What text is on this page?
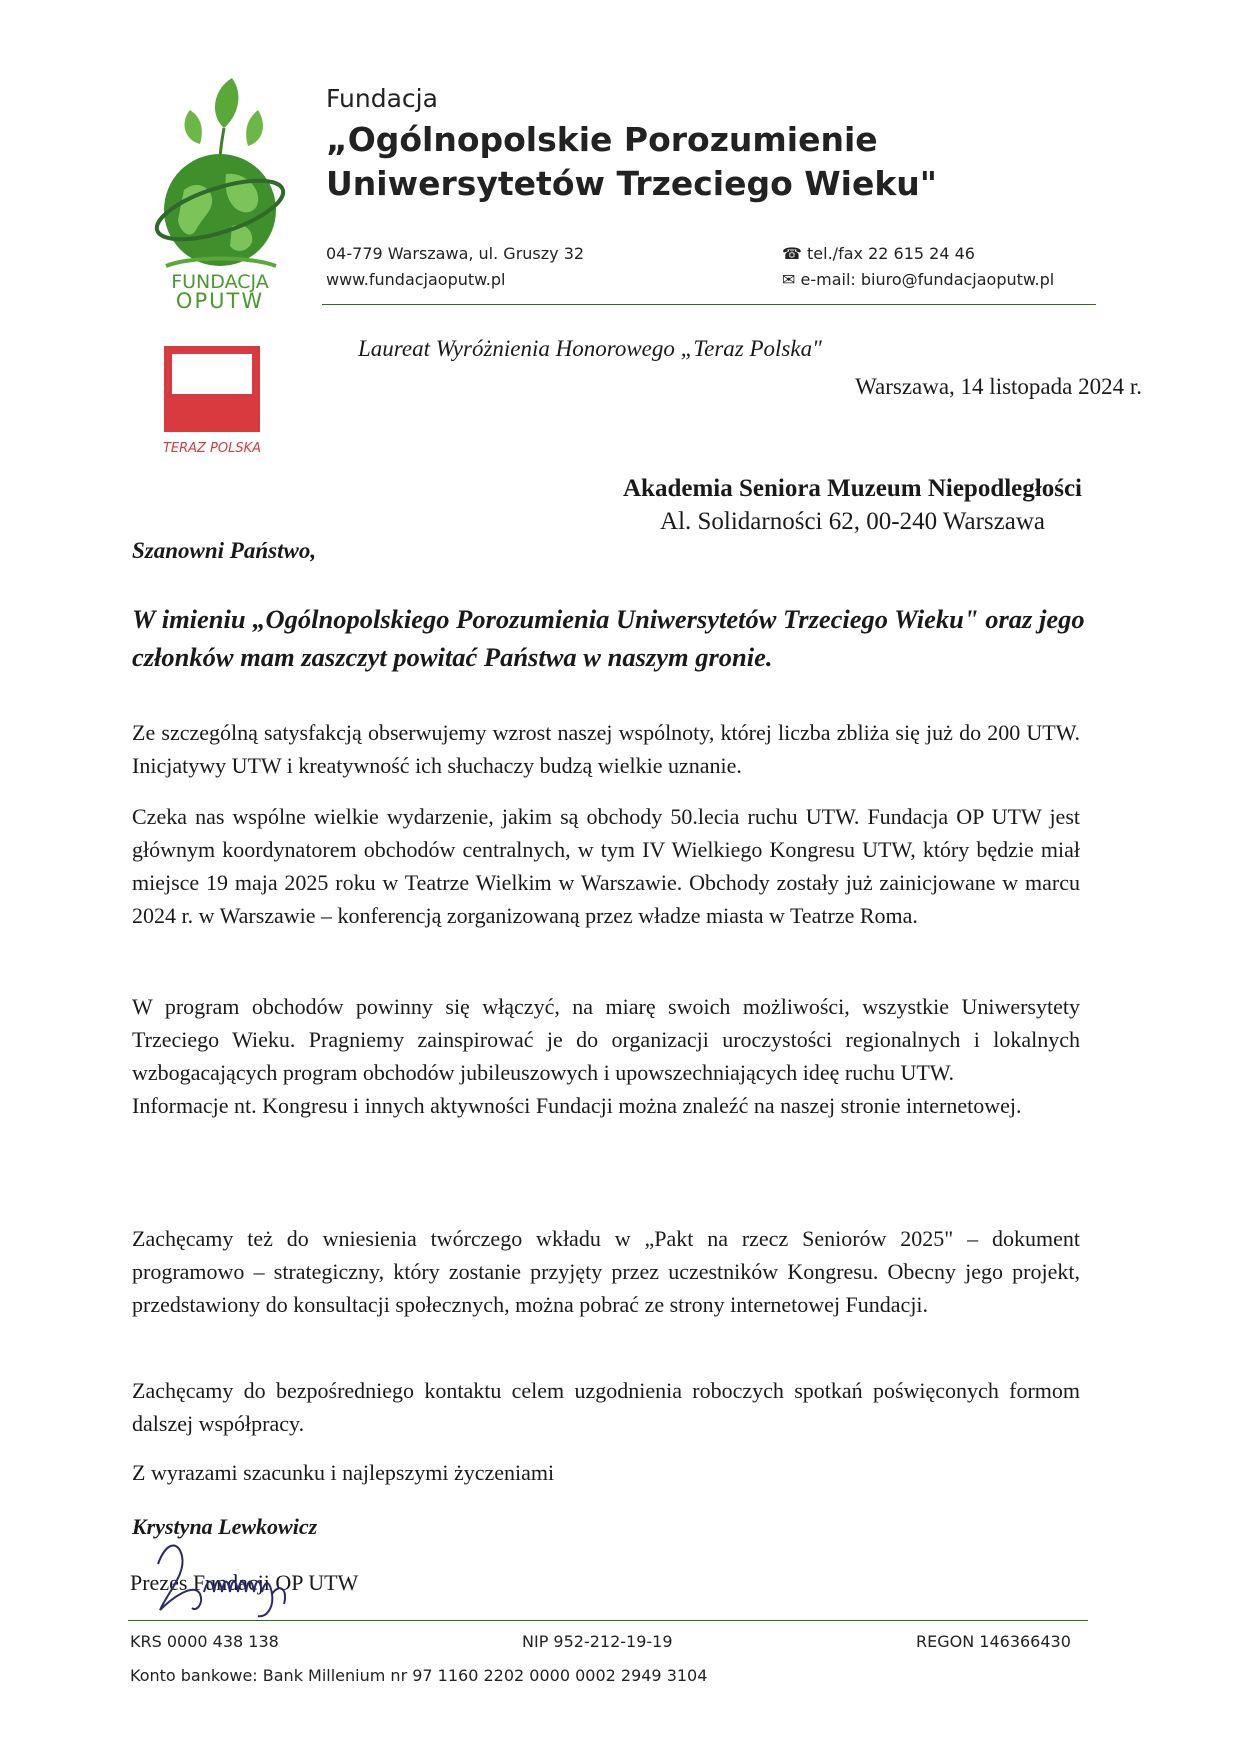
FUNDACJA
OPUTW
Fundacja
„Ogólnopolskie Porozumienie
Uniwersytetów Trzeciego Wieku"
04-779 Warszawa, ul. Gruszy 32
www.fundacjaoputw.pl
☎ tel./fax 22 615 24 46
✉ e-mail: biuro@fundacjaoputw.pl
TERAZ POLSKA
Laureat Wyróżnienia Honorowego „Teraz Polska"
Warszawa, 14 listopada 2024 r.
Akademia Seniora Muzeum Niepodległości
Al. Solidarności 62, 00-240 Warszawa
Szanowni Państwo,
W imieniu „Ogólnopolskiego Porozumienia Uniwersytetów Trzeciego Wieku" oraz jego członków mam zaszczyt powitać Państwa w naszym gronie.

Ze szczególną satysfakcją obserwujemy wzrost naszej wspólnoty, której liczba zbliża się już do 200 UTW. Inicjatywy UTW i kreatywność ich słuchaczy budzą wielkie uznanie.

Czeka nas wspólne wielkie wydarzenie, jakim są obchody 50.lecia ruchu UTW. Fundacja OP UTW jest głównym koordynatorem obchodów centralnych, w tym IV Wielkiego Kongresu UTW, który będzie miał miejsce 19 maja 2025 roku w Teatrze Wielkim w Warszawie. Obchody zostały już zainicjowane w marcu 2024 r. w Warszawie – konferencją zorganizowaną przez władze miasta w Teatrze Roma.

W program obchodów powinny się włączyć, na miarę swoich możliwości, wszystkie Uniwersytety Trzeciego Wieku. Pragniemy zainspirować je do organizacji uroczystości regionalnych i lokalnych wzbogacających program obchodów jubileuszowych i upowszechniających ideę ruchu UTW.
Informacje nt. Kongresu i innych aktywności Fundacji można znaleźć na naszej stronie internetowej.

Zachęcamy też do wniesienia twórczego wkładu w „Pakt na rzecz Seniorów 2025" – dokument programowo – strategiczny, który zostanie przyjęty przez uczestników Kongresu. Obecny jego projekt, przedstawiony do konsultacji społecznych, można pobrać ze strony internetowej Fundacji.

Zachęcamy do bezpośredniego kontaktu celem uzgodnienia roboczych spotkań poświęconych formom dalszej współpracy.

Z wyrazami szacunku i najlepszymi życzeniami
Krystyna Lewkowicz
Prezes Fundacji OP UTW
KRS 0000 438 138	NIP 952-212-19-19	REGON 146366430
Konto bankowe: Bank Millenium nr 97 1160 2202 0000 0002 2949 3104
